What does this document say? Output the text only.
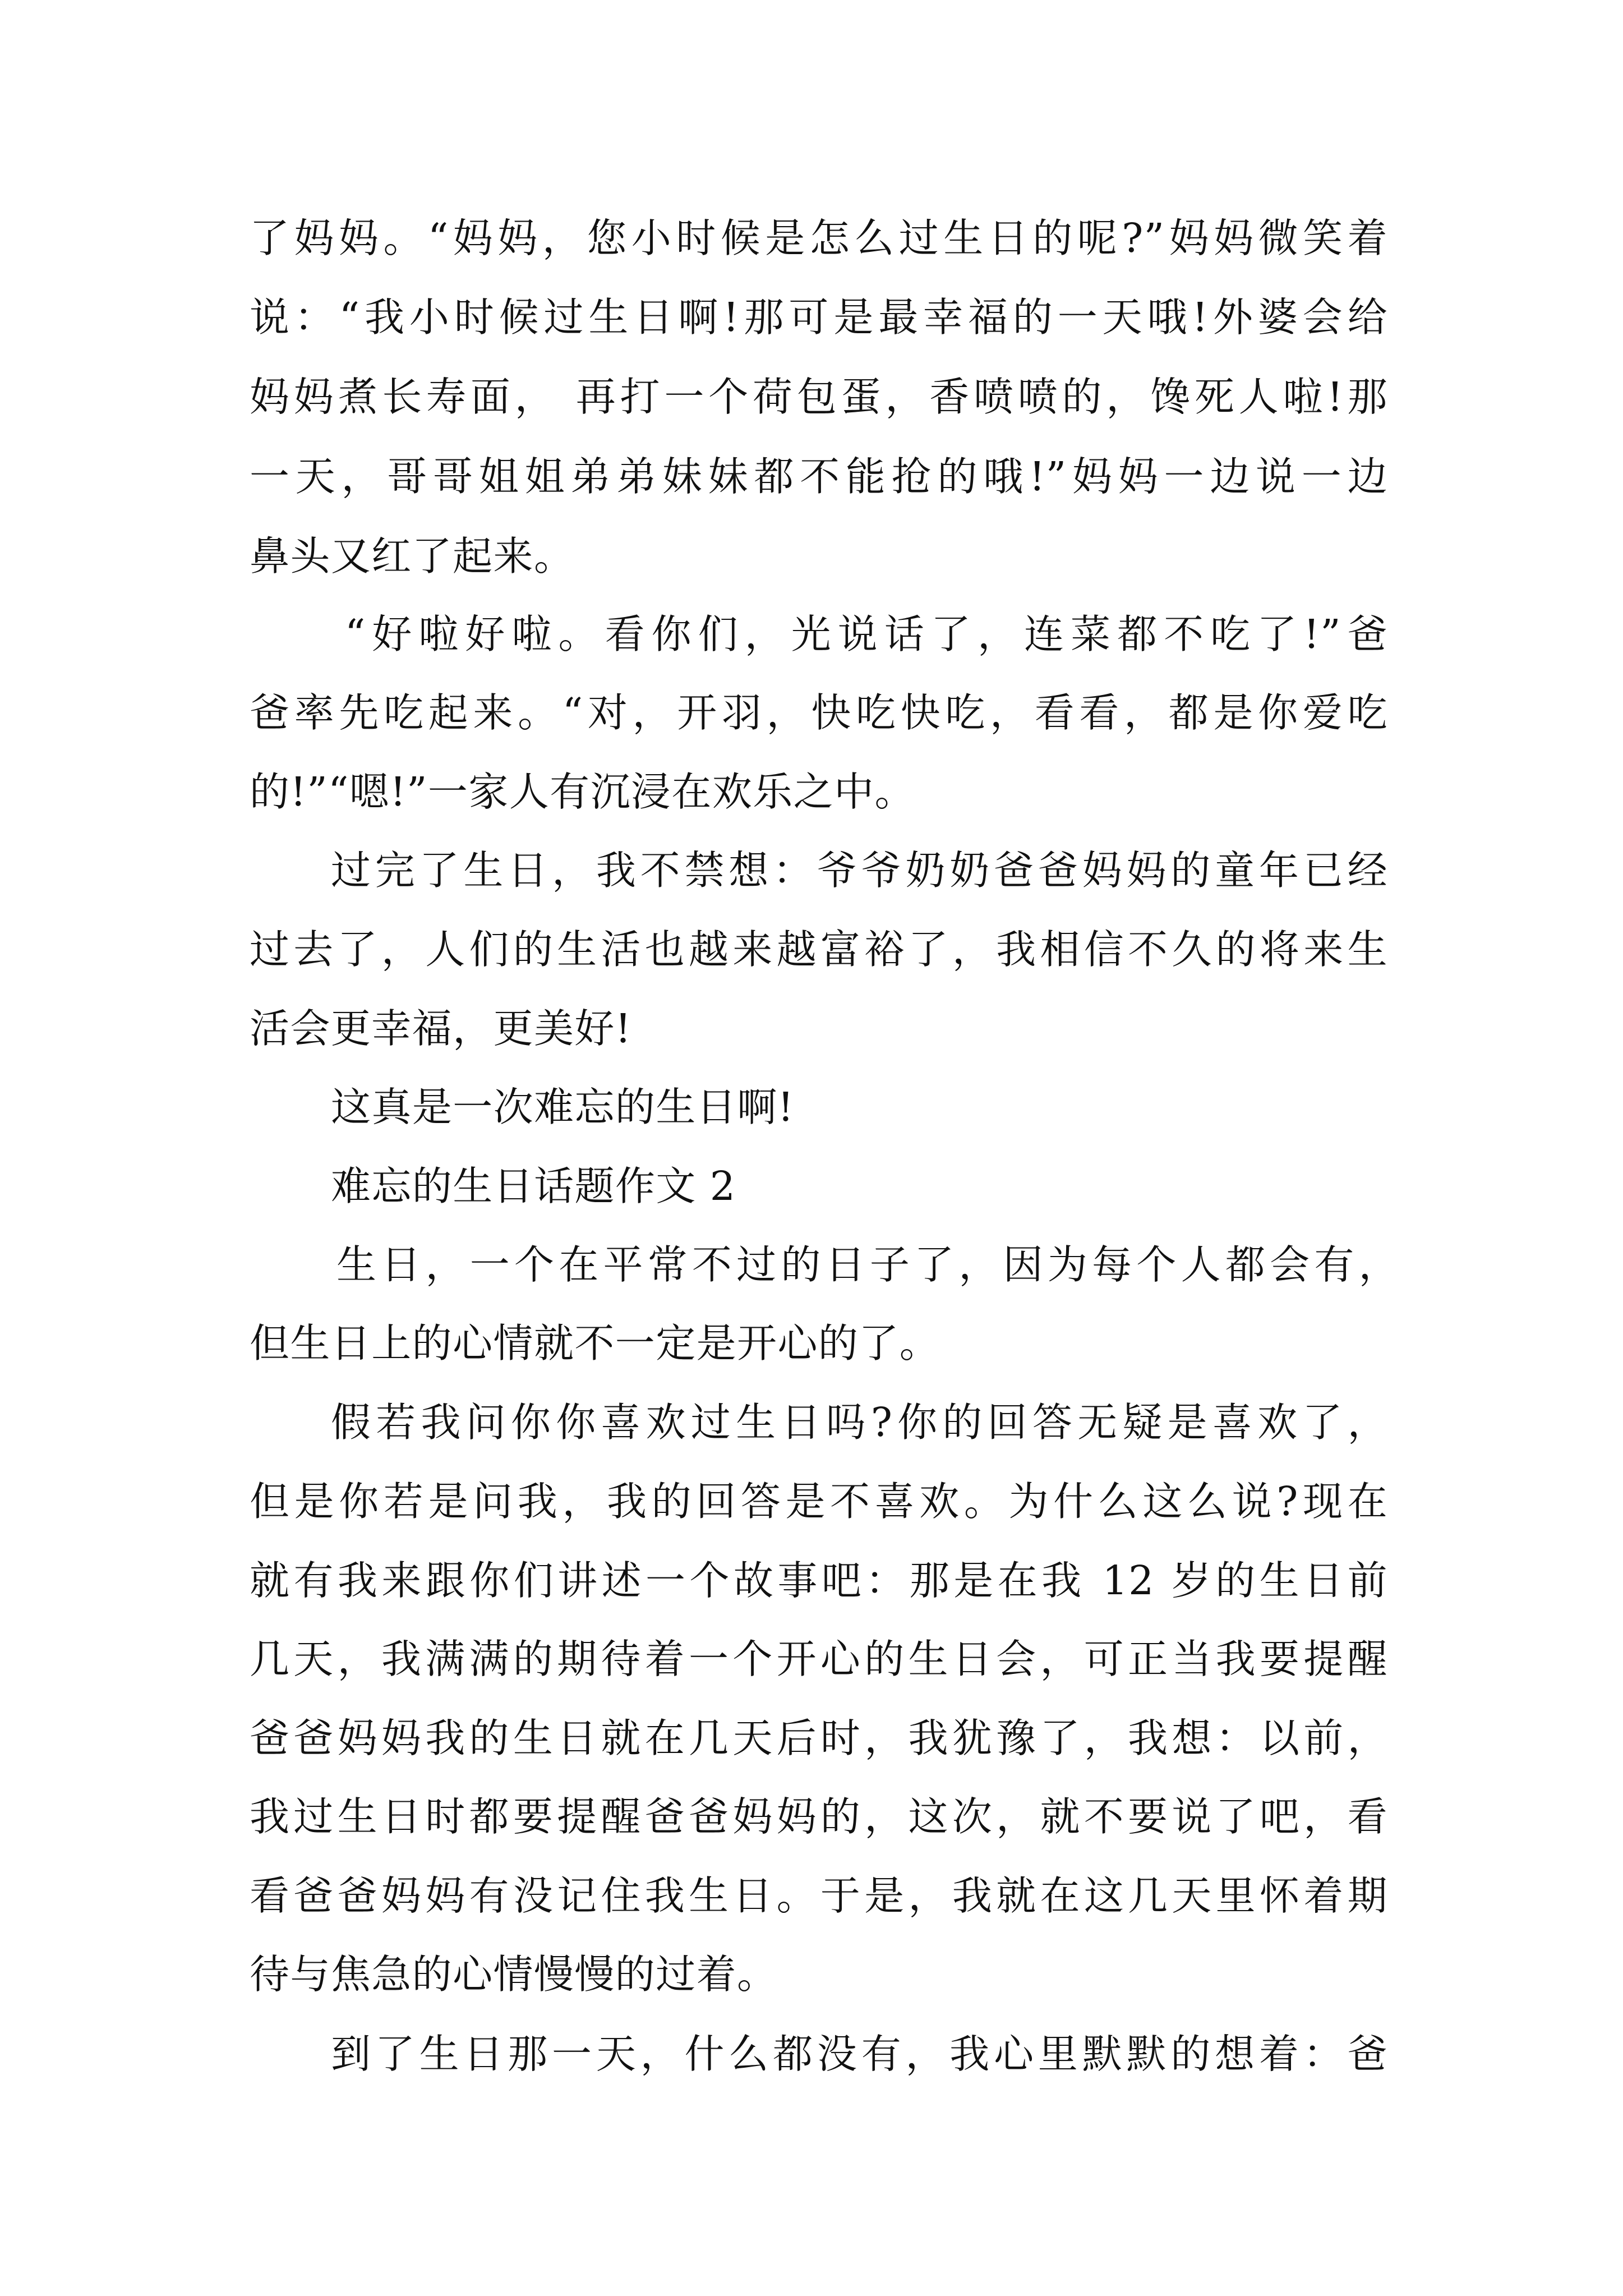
了妈妈。“妈妈，您小时候是怎么过生日的呢?”妈妈微笑着
说：“我小时候过生日啊!那可是最幸福的一天哦!外婆会给
妈妈煮长寿面， 再打一个荷包蛋，香喷喷的，馋死人啦!那
一天，哥哥姐姐弟弟妹妹都不能抢的哦!”妈妈一边说一边
鼻头又红了起来。
“好啦好啦。看你们，光说话了，连菜都不吃了!”爸
爸率先吃起来。“对，开羽，快吃快吃，看看，都是你爱吃
的!”“嗯!”一家人有沉浸在欢乐之中。
过完了生日，我不禁想：爷爷奶奶爸爸妈妈的童年已经
过去了，人们的生活也越来越富裕了，我相信不久的将来生
活会更幸福，更美好!
这真是一次难忘的生日啊!
难忘的生日话题作文 2
生日，一个在平常不过的日子了，因为每个人都会有，
但生日上的心情就不一定是开心的了。
假若我问你你喜欢过生日吗?你的回答无疑是喜欢了，
但是你若是问我，我的回答是不喜欢。为什么这么说?现在
就有我来跟你们讲述一个故事吧：那是在我 12 岁的生日前
几天，我满满的期待着一个开心的生日会，可正当我要提醒
爸爸妈妈我的生日就在几天后时，我犹豫了，我想：以前，
我过生日时都要提醒爸爸妈妈的，这次，就不要说了吧，看
看爸爸妈妈有没记住我生日。于是，我就在这几天里怀着期
待与焦急的心情慢慢的过着。
到了生日那一天，什么都没有，我心里默默的想着：爸
